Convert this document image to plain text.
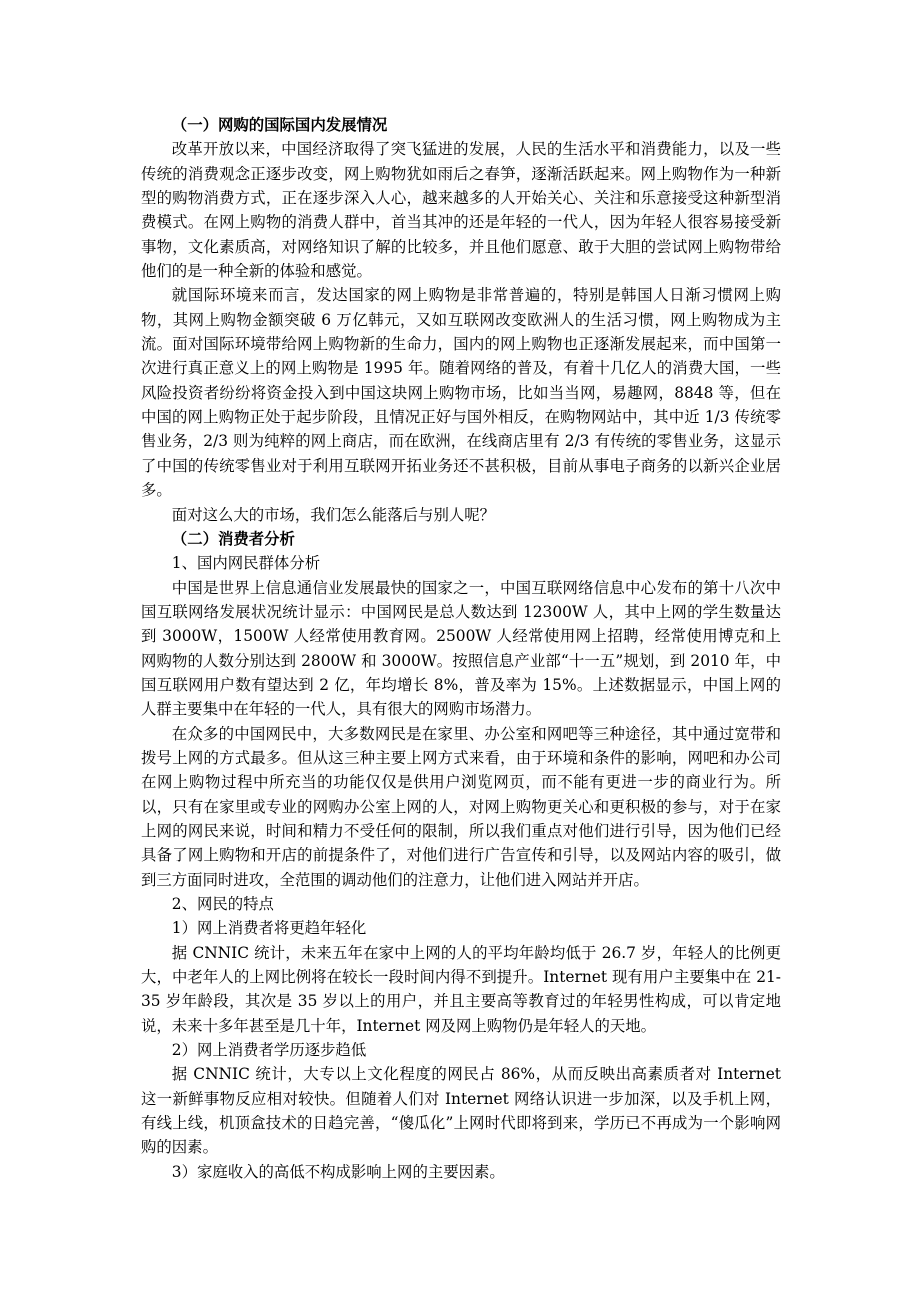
（一）网购的国际国内发展情况

改革开放以来，中国经济取得了突飞猛进的发展，人民的生活水平和消费能力，以及一些传统的消费观念正逐步改变，网上购物犹如雨后之春笋，逐渐活跃起来。网上购物作为一种新型的购物消费方式，正在逐步深入人心，越来越多的人开始关心、关注和乐意接受这种新型消费模式。在网上购物的消费人群中，首当其冲的还是年轻的一代人，因为年轻人很容易接受新事物，文化素质高，对网络知识了解的比较多，并且他们愿意、敢于大胆的尝试网上购物带给他们的是一种全新的体验和感觉。

就国际环境来而言，发达国家的网上购物是非常普遍的，特别是韩国人日渐习惯网上购物，其网上购物金额突破 6 万亿韩元，又如互联网改变欧洲人的生活习惯，网上购物成为主流。面对国际环境带给网上购物新的生命力，国内的网上购物也正逐渐发展起来，而中国第一次进行真正意义上的网上购物是 1995 年。随着网络的普及，有着十几亿人的消费大国，一些风险投资者纷纷将资金投入到中国这块网上购物市场，比如当当网，易趣网，8848 等，但在中国的网上购物正处于起步阶段，且情况正好与国外相反，在购物网站中，其中近 1/3 传统零售业务，2/3 则为纯粹的网上商店，而在欧洲，在线商店里有 2/3 有传统的零售业务，这显示了中国的传统零售业对于利用互联网开拓业务还不甚积极，目前从事电子商务的以新兴企业居多。

面对这么大的市场，我们怎么能落后与别人呢？

（二）消费者分析

1、国内网民群体分析

中国是世界上信息通信业发展最快的国家之一，中国互联网络信息中心发布的第十八次中国互联网络发展状况统计显示：中国网民是总人数达到 12300W 人，其中上网的学生数量达到 3000W，1500W 人经常使用教育网。2500W 人经常使用网上招聘，经常使用博克和上网购物的人数分别达到 2800W 和 3000W。按照信息产业部“十一五”规划，到 2010 年，中国互联网用户数有望达到 2 亿，年均增长 8%，普及率为 15%。上述数据显示，中国上网的人群主要集中在年轻的一代人，具有很大的网购市场潜力。

在众多的中国网民中，大多数网民是在家里、办公室和网吧等三种途径，其中通过宽带和拨号上网的方式最多。但从这三种主要上网方式来看，由于环境和条件的影响，网吧和办公司在网上购物过程中所充当的功能仅仅是供用户浏览网页，而不能有更进一步的商业行为。所以，只有在家里或专业的网购办公室上网的人，对网上购物更关心和更积极的参与，对于在家上网的网民来说，时间和精力不受任何的限制，所以我们重点对他们进行引导，因为他们已经具备了网上购物和开店的前提条件了，对他们进行广告宣传和引导，以及网站内容的吸引，做到三方面同时进攻，全范围的调动他们的注意力，让他们进入网站并开店。

2、网民的特点

1）网上消费者将更趋年轻化

据 CNNIC 统计，未来五年在家中上网的人的平均年龄均低于 26.7 岁，年轻人的比例更大，中老年人的上网比例将在较长一段时间内得不到提升。Internet 现有用户主要集中在 21-35 岁年龄段，其次是 35 岁以上的用户，并且主要高等教育过的年轻男性构成，可以肯定地说，未来十多年甚至是几十年，Internet 网及网上购物仍是年轻人的天地。

2）网上消费者学历逐步趋低

据 CNNIC 统计，大专以上文化程度的网民占 86%，从而反映出高素质者对 Internet 这一新鲜事物反应相对较快。但随着人们对 Internet 网络认识进一步加深，以及手机上网，有线上线，机顶盒技术的日趋完善，“傻瓜化”上网时代即将到来，学历已不再成为一个影响网购的因素。

3）家庭收入的高低不构成影响上网的主要因素。
